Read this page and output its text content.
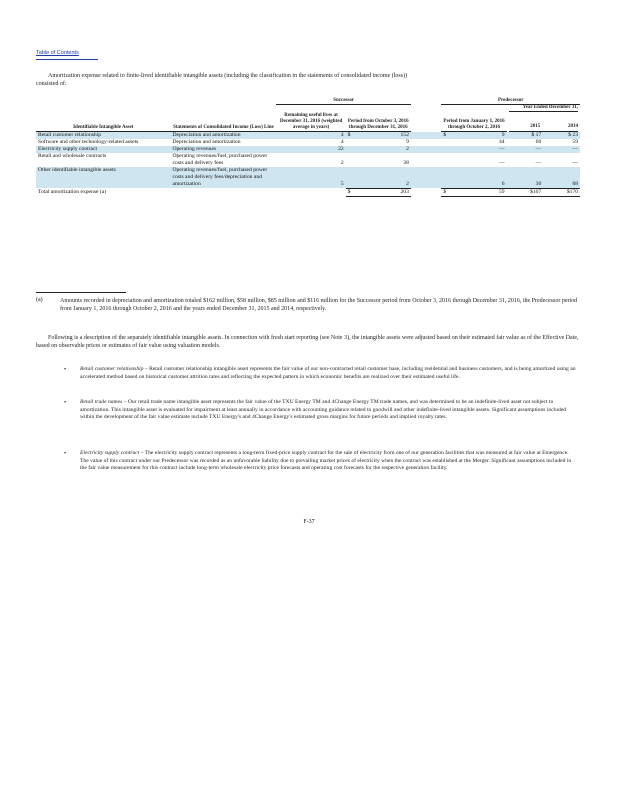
Table of Contents
Amortization expense related to finite-lived identifiable intangible assets (including the classification in the statements of consolidated income (loss))
consisted of:
		Successor				Predecessor			
Identifiable Intangible Asset	Statements of Consolidated Income (Loss) Line	Remaining useful lives at December 31, 2016 (weighted average in years)	Period from October 3, 2016 through December 31, 2016			Period from January 1, 2016 through October 2, 2016		Year Ended December 31,
2015 2014	

Retail customer relationship	Depreciation and amortization	4	$	152		$	9	$ 17	$ 23
Software and other technology-related assets	Depreciation and amortization	4		9			44	60	59
Electricity supply contract	Operating revenues	22		2			—	—	—
Retail and wholesale contracts	Operating revenues/fuel, purchased power costs and delivery fees	2		38			—	—	—
Other identifiable intangible assets	Operating revenues/fuel, purchased power costs and delivery fees/depreciation and amortization	5		2			6	30	88
Total amortization expense (a)			$	203		$	59	$107	$170
(a)	Amounts recorded in depreciation and amortization totaled $162 million, $58 million, $85 million and $116 million for the Successor period from October 3, 2016 through December 31, 2016, the Predecessor period from January 1, 2016 through October 2, 2016 and the years ended December 31, 2015 and 2014, respectively.
Following is a description of the separately identifiable intangible assets. In connection with fresh start reporting (see Note 3), the intangible assets were adjusted based on their estimated fair value as of the Effective Date, based on observable prices or estimates of fair value using valuation models.
• Retail customer relationship – Retail customer relationship intangible asset represents the fair value of our non-contracted retail customer base, including residential and business customers, and is being amortized using an accelerated method based on historical customer attrition rates and reflecting the expected pattern in which economic benefits are realized over their estimated useful life.
• Retail trade names – Our retail trade name intangible asset represents the fair value of the TXU Energy TM and 4Change Energy TM trade names, and was determined to be an indefinite-lived asset not subject to amortization. This intangible asset is evaluated for impairment at least annually in accordance with accounting guidance related to goodwill and other indefinite-lived intangible assets. Significant assumptions included within the development of the fair value estimate include TXU Energy's and 4Change Energy's estimated gross margins for future periods and implied royalty rates.
• Electricity supply contract – The electricity supply contract represents a long-term fixed-price supply contract for the sale of electricity from one of our generation facilities that was measured at fair value at Emergence. The value of this contract under our Predecessor was recorded as an unfavorable liability due to prevailing market prices of electricity when the contract was established at the Merger. Significant assumptions included in the fair value measurement for this contract include long-term wholesale electricity price forecasts and operating cost forecasts for the respective generation facility.
F-37
